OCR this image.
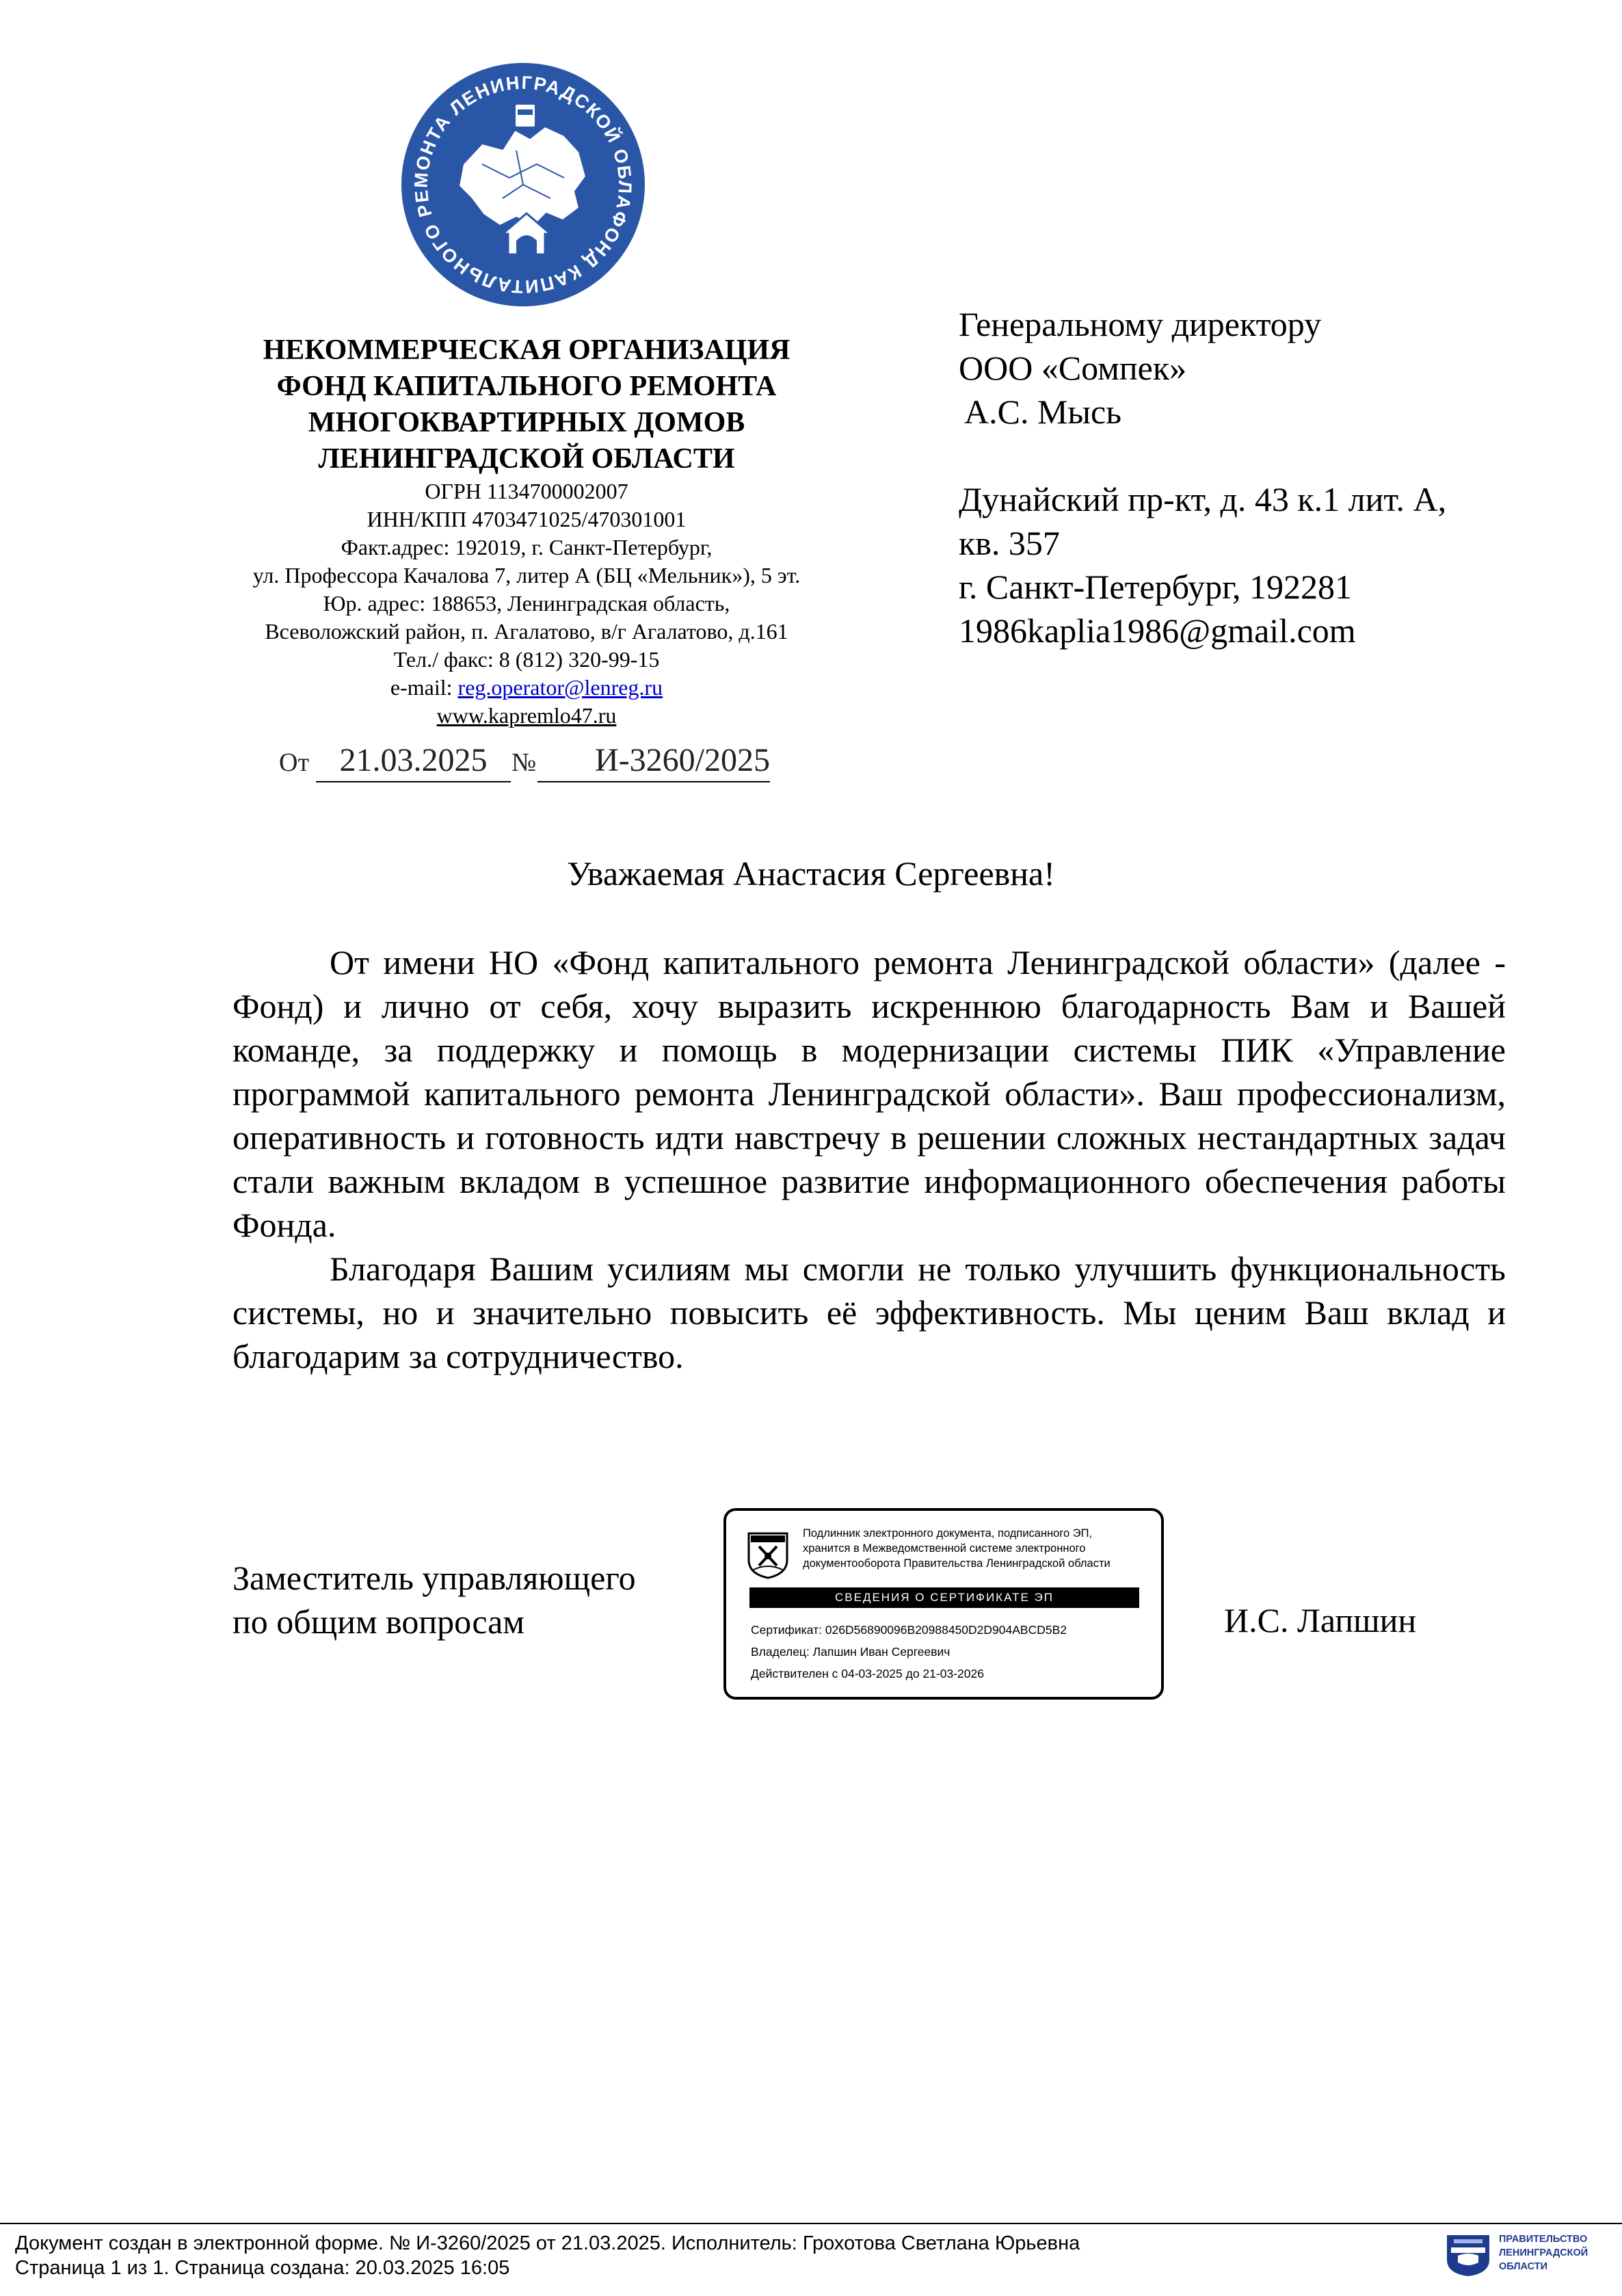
ФОНД КАПИТАЛЬНОГО РЕМОНТА ЛЕНИНГРАДСКОЙ ОБЛА
НЕКОММЕРЧЕСКАЯ ОРГАНИЗАЦИЯ
ФОНД КАПИТАЛЬНОГО РЕМОНТА
МНОГОКВАРТИРНЫХ ДОМОВ
ЛЕНИНГРАДСКОЙ ОБЛАСТИ
ОГРН 1134700002007
ИНН/КПП 4703471025/470301001
Факт.адрес: 192019, г. Санкт-Петербург,
ул. Профессора Качалова 7, литер А (БЦ «Мельник»), 5 эт.
Юр. адрес: 188653, Ленинградская область,
Всеволожский район, п. Агалатово, в/г Агалатово, д.161
Тел./ факс: 8 (812) 320-99-15
e-mail: reg.operator@lenreg.ru
www.kapremlo47.ru
От 21.03.2025 №	И-3260/2025
Генеральному директору
ООО «Сомпек»
А.С. Мысь
Дунайский пр-кт, д. 43 к.1 лит. А,
кв. 357
г. Санкт-Петербург, 192281
1986kaplia1986@gmail.com
Уважаемая Анастасия Сергеевна!

От имени НО «Фонд капитального ремонта Ленинградской области» (далее - Фонд) и лично от себя, хочу выразить искреннюю благодарность Вам и Вашей команде, за поддержку и помощь в модернизации системы ПИК «Управление программой капитального ремонта Ленинградской области». Ваш профессионализм, оперативность и готовность идти навстречу в решении сложных нестандартных задач стали важным вкладом в успешное развитие информационного обеспечения работы Фонда.

Благодаря Вашим усилиям мы смогли не только улучшить функциональность системы, но и значительно повысить её эффективность. Мы ценим Ваш вклад и благодарим за сотрудничество.

Заместитель управляющего
по общим вопросам	И.С. Лапшин
Подлинник электронного документа, подписанного ЭП,
хранится в Межведомственной системе электронного
документооборота Правительства Ленинградской области
СВЕДЕНИЯ О СЕРТИФИКАТЕ ЭП
Сертификат: 026D56890096B20988450D2D904ABCD5B2
Владелец: Лапшин Иван Сергеевич
Действителен с 04-03-2025 до 21-03-2026
Документ создан в электронной форме. № И-3260/2025 от 21.03.2025. Исполнитель: Грохотова Светлана Юрьевна
Страница 1 из 1. Страница создана: 20.03.2025 16:05
ПРАВИТЕЛЬСТВО
ЛЕНИНГРАДСКОЙ
ОБЛАСТИ
